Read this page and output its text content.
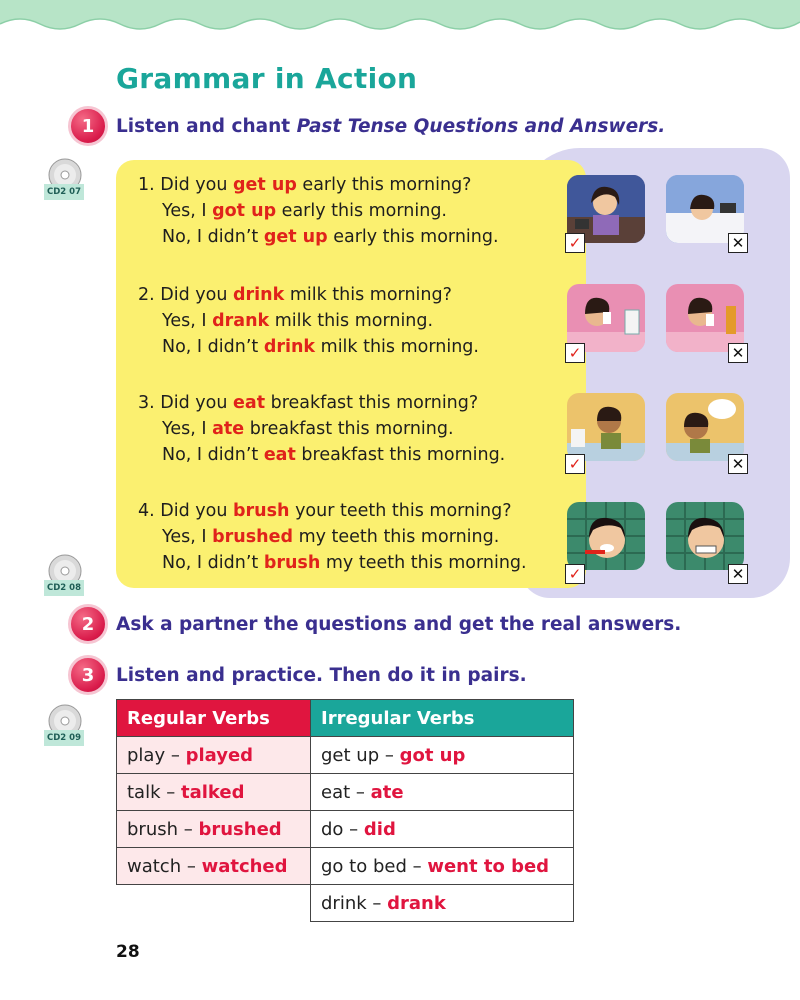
Grammar in Action
1	Listen and chant Past Tense Questions and Answers.
CD2 07	1. Did you get up early this morning?
Yes, I got up early this morning.
No, I didn’t get up early this morning.
2. Did you drink milk this morning?
Yes, I drank milk this morning.
No, I didn’t drink milk this morning.
3. Did you eat breakfast this morning?
Yes, I ate breakfast this morning.
No, I didn’t eat breakfast this morning.
4. Did you brush your teeth this morning?
Yes, I brushed my teeth this morning.
No, I didn’t brush my teeth this morning.
✓	✕
✓	✕
✓	✕
✓	✕
CD2 08
2	Ask a partner the questions and get the real answers.
3	Listen and practice. Then do it in pairs.
CD2 09
Regular Verbs	Irregular Verbs
play – played	get up – got up
talk – talked	eat – ate
brush – brushed	do – did
watch – watched	go to bed – went to bed
	drink – drank
28
